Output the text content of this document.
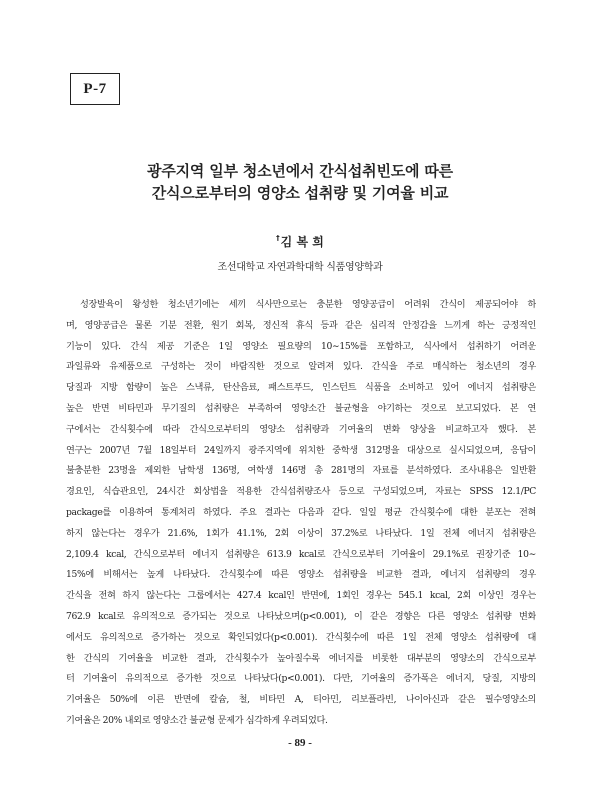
P-7
광주지역 일부 청소년에서 간식섭취빈도에 따른
간식으로부터의 영양소 섭취량 및 기여율 비교
†김 복 희
조선대학교 자연과학대학 식품영양학과
성장발육이 왕성한 청소년기에는 세끼 식사만으로는 충분한 영양공급이 어려워 간식이 제공되어야 하
며, 영양공급은 물론 기분 전환, 원기 회복, 정신적 휴식 등과 같은 심리적 안정감을 느끼게 하는 긍정적인
기능이 있다. 간식 제공 기준은 1일 영양소 필요량의 10∼15%를 포함하고, 식사에서 섭취하기 어려운
과일류와 유제품으로 구성하는 것이 바람직한 것으로 알려져 있다. 간식을 주로 매식하는 청소년의 경우
당질과 지방 함량이 높은 스낵류, 탄산음료, 패스트푸드, 인스턴트 식품을 소비하고 있어 에너지 섭취량은
높은 반면 비타민과 무기질의 섭취량은 부족하여 영양소간 불균형을 야기하는 것으로 보고되었다. 본 연
구에서는 간식횟수에 따라 간식으로부터의 영양소 섭취량과 기여율의 변화 양상을 비교하고자 했다. 본
연구는 2007년 7월 18일부터 24일까지 광주지역에 위치한 중학생 312명을 대상으로 실시되었으며, 응답이
불충분한 23명을 제외한 남학생 136명, 여학생 146명 총 281명의 자료를 분석하였다. 조사내용은 일반환
경요인, 식습관요인, 24시간 회상법을 적용한 간식섭취량조사 등으로 구성되었으며, 자료는 SPSS 12.1/PC
package를 이용하여 통계처리 하였다. 주요 결과는 다음과 같다. 일일 평균 간식횟수에 대한 분포는 전혀
하지 않는다는 경우가 21.6%, 1회가 41.1%, 2회 이상이 37.2%로 나타났다. 1일 전체 에너지 섭취량은
2,109.4 kcal, 간식으로부터 에너지 섭취량은 613.9 kcal로 간식으로부터 기여율이 29.1%로 권장기준 10∼
15%에 비해서는 높게 나타났다. 간식횟수에 따른 영양소 섭취량을 비교한 결과, 에너지 섭취량의 경우
간식을 전혀 하지 않는다는 그룹에서는 427.4 kcal인 반면에, 1회인 경우는 545.1 kcal, 2회 이상인 경우는
762.9 kcal로 유의적으로 증가되는 것으로 나타났으며(p<0.001), 이 같은 경향은 다른 영양소 섭취량 변화
에서도 유의적으로 증가하는 것으로 확인되었다(p<0.001). 간식횟수에 따른 1일 전체 영양소 섭취량에 대
한 간식의 기여율을 비교한 결과, 간식횟수가 높아질수록 에너지를 비롯한 대부분의 영양소의 간식으로부
터 기여율이 유의적으로 증가한 것으로 나타났다(p<0.001). 다만, 기여율의 증가폭은 에너지, 당질, 지방의
기여율은 50%에 이른 반면에 칼슘, 철, 비타민 A, 티아민, 리보플라빈, 나이아신과 같은 필수영양소의
기여율은 20% 내외로 영양소간 불균형 문제가 심각하게 우려되었다.
- 89 -
